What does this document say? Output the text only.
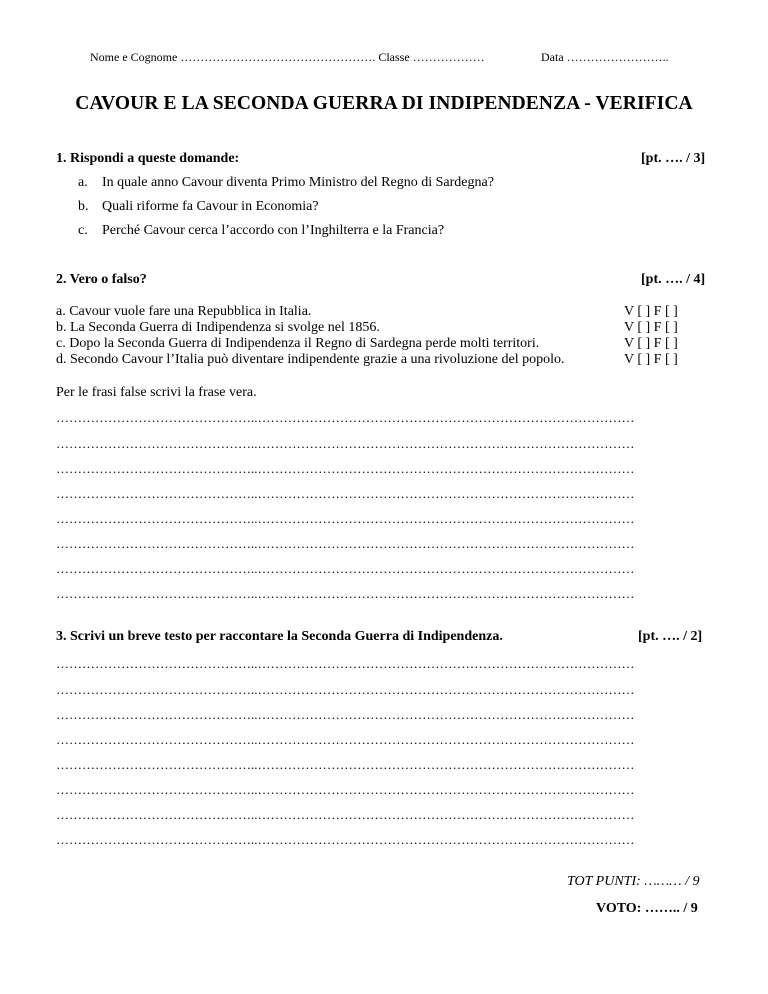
Nome e Cognome …………………………………………. Classe ………………	Data ……………………..
CAVOUR E LA SECONDA GUERRA DI INDIPENDENZA - VERIFICA
1. Rispondi a queste domande:	[pt. …. / 3]
a. In quale anno Cavour diventa Primo Ministro del Regno di Sardegna?
b. Quali riforme fa Cavour in Economia?
c. Perché Cavour cerca l’accordo con l’Inghilterra e la Francia?
2. Vero o falso?	[pt. …. / 4]
a. Cavour vuole fare una Repubblica in Italia.	V [ ] F [ ]
b. La Seconda Guerra di Indipendenza si svolge nel 1856.	V [ ] F [ ]
c. Dopo la Seconda Guerra di Indipendenza il Regno di Sardegna perde molti territori.	V [ ] F [ ]
d. Secondo Cavour l’Italia può diventare indipendente grazie a una rivoluzione del popolo.	V [ ] F [ ]
Per le frasi false scrivi la frase vera.
………………………………………..……………………………………………………………………………
………………………………………..……………………………………………………………………………
………………………………………..……………………………………………………………………………
………………………………………..……………………………………………………………………………
………………………………………..……………………………………………………………………………
………………………………………..……………………………………………………………………………
………………………………………..……………………………………………………………………………
………………………………………..……………………………………………………………………………
3. Scrivi un breve testo per raccontare la Seconda Guerra di Indipendenza.	[pt. …. / 2]
………………………………………..……………………………………………………………………………
………………………………………..……………………………………………………………………………
………………………………………..……………………………………………………………………………
………………………………………..……………………………………………………………………………
………………………………………..……………………………………………………………………………
………………………………………..……………………………………………………………………………
………………………………………..……………………………………………………………………………
………………………………………..……………………………………………………………………………
TOT PUNTI: ……… / 9
VOTO: …….. / 9
